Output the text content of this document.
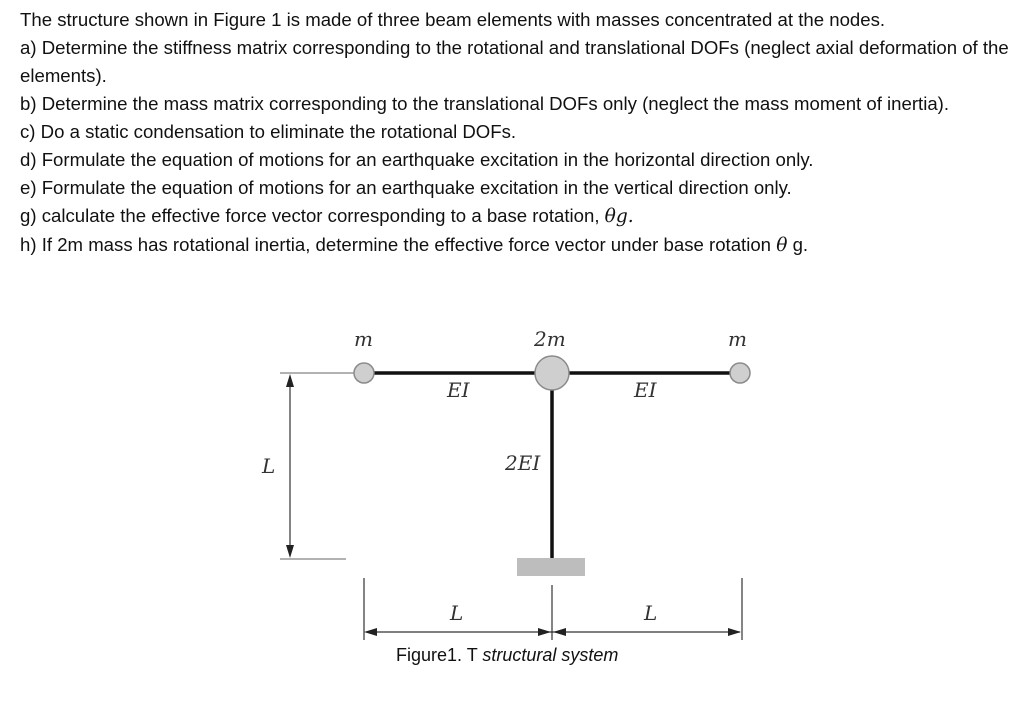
The structure shown in Figure 1 is made of three beam elements with masses concentrated at the nodes.

a) Determine the stiffness matrix corresponding to the rotational and translational DOFs (neglect axial deformation of the elements).

b) Determine the mass matrix corresponding to the translational DOFs only (neglect the mass moment of inertia).

c) Do a static condensation to eliminate the rotational DOFs.

d) Formulate the equation of motions for an earthquake excitation in the horizontal direction only.

e) Formulate the equation of motions for an earthquake excitation in the vertical direction only.

g) calculate the effective force vector corresponding to a base rotation, θg.

h) If 2m mass has rotational inertia, determine the effective force vector under base rotation θ g.

L
m	2m	m
EI	EI
2EI
L	L
Figure1. T structural system
